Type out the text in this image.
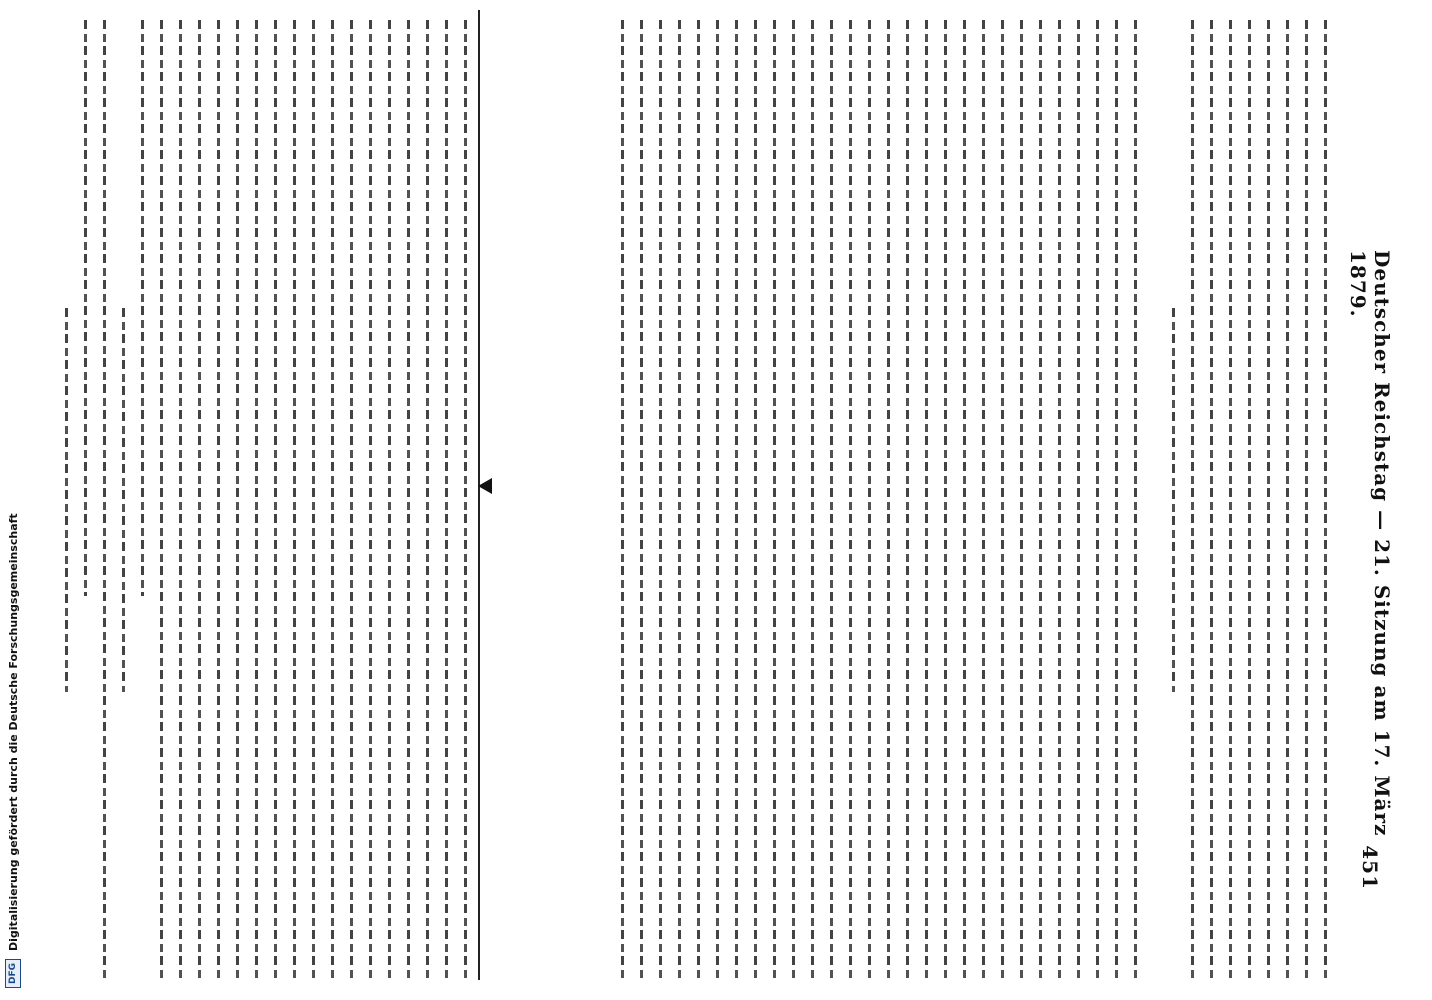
DFG
Digitalisierung gefördert durch die Deutsche Forschungsgemeinschaft	Deutscher Reichstag — 21. Sitzung am 17. März 1879.
451
